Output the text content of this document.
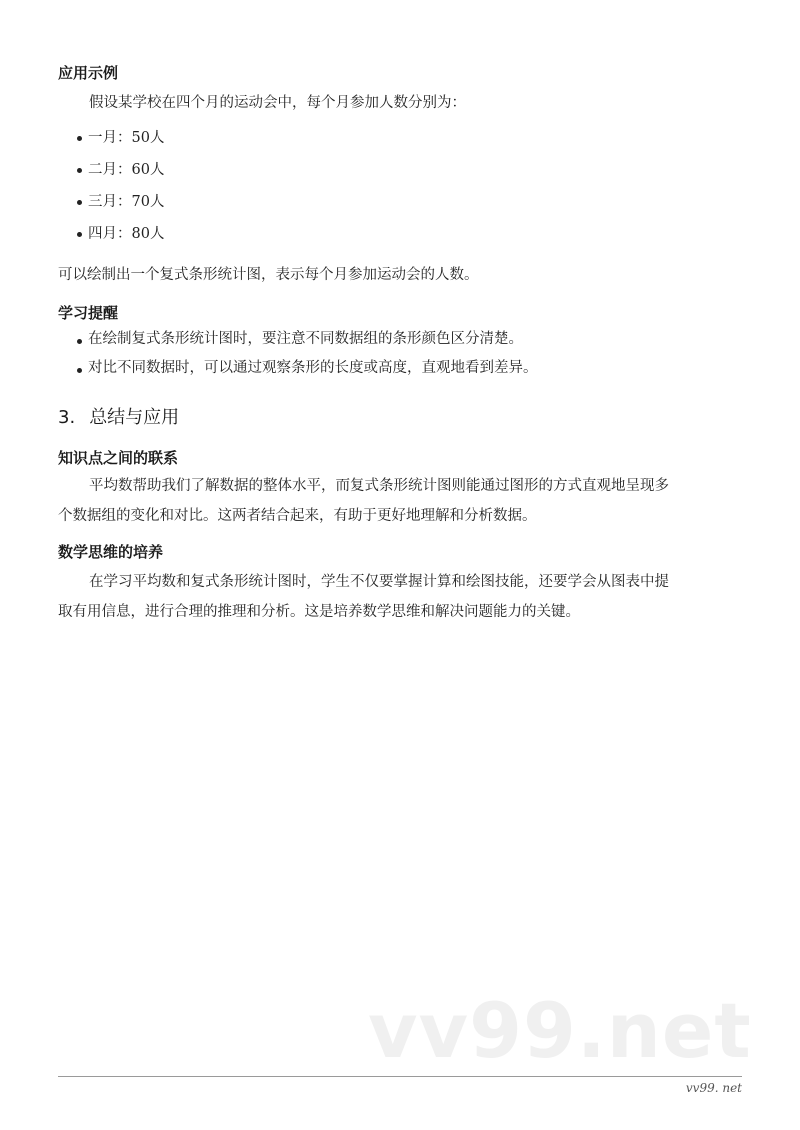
应用示例

假设某学校在四个月的运动会中，每个月参加人数分别为：

一月：50人
二月：60人
三月：70人
四月：80人

可以绘制出一个复式条形统计图，表示每个月参加运动会的人数。

学习提醒
在绘制复式条形统计图时，要注意不同数据组的条形颜色区分清楚。
对比不同数据时，可以通过观察条形的长度或高度，直观地看到差异。
3. 总结与应用
知识点之间的联系

平均数帮助我们了解数据的整体水平，而复式条形统计图则能通过图形的方式直观地呈现多

个数据组的变化和对比。这两者结合起来，有助于更好地理解和分析数据。

数学思维的培养

在学习平均数和复式条形统计图时，学生不仅要掌握计算和绘图技能，还要学会从图表中提

取有用信息，进行合理的推理和分析。这是培养数学思维和解决问题能力的关键。

vv99.net
vv99. net
